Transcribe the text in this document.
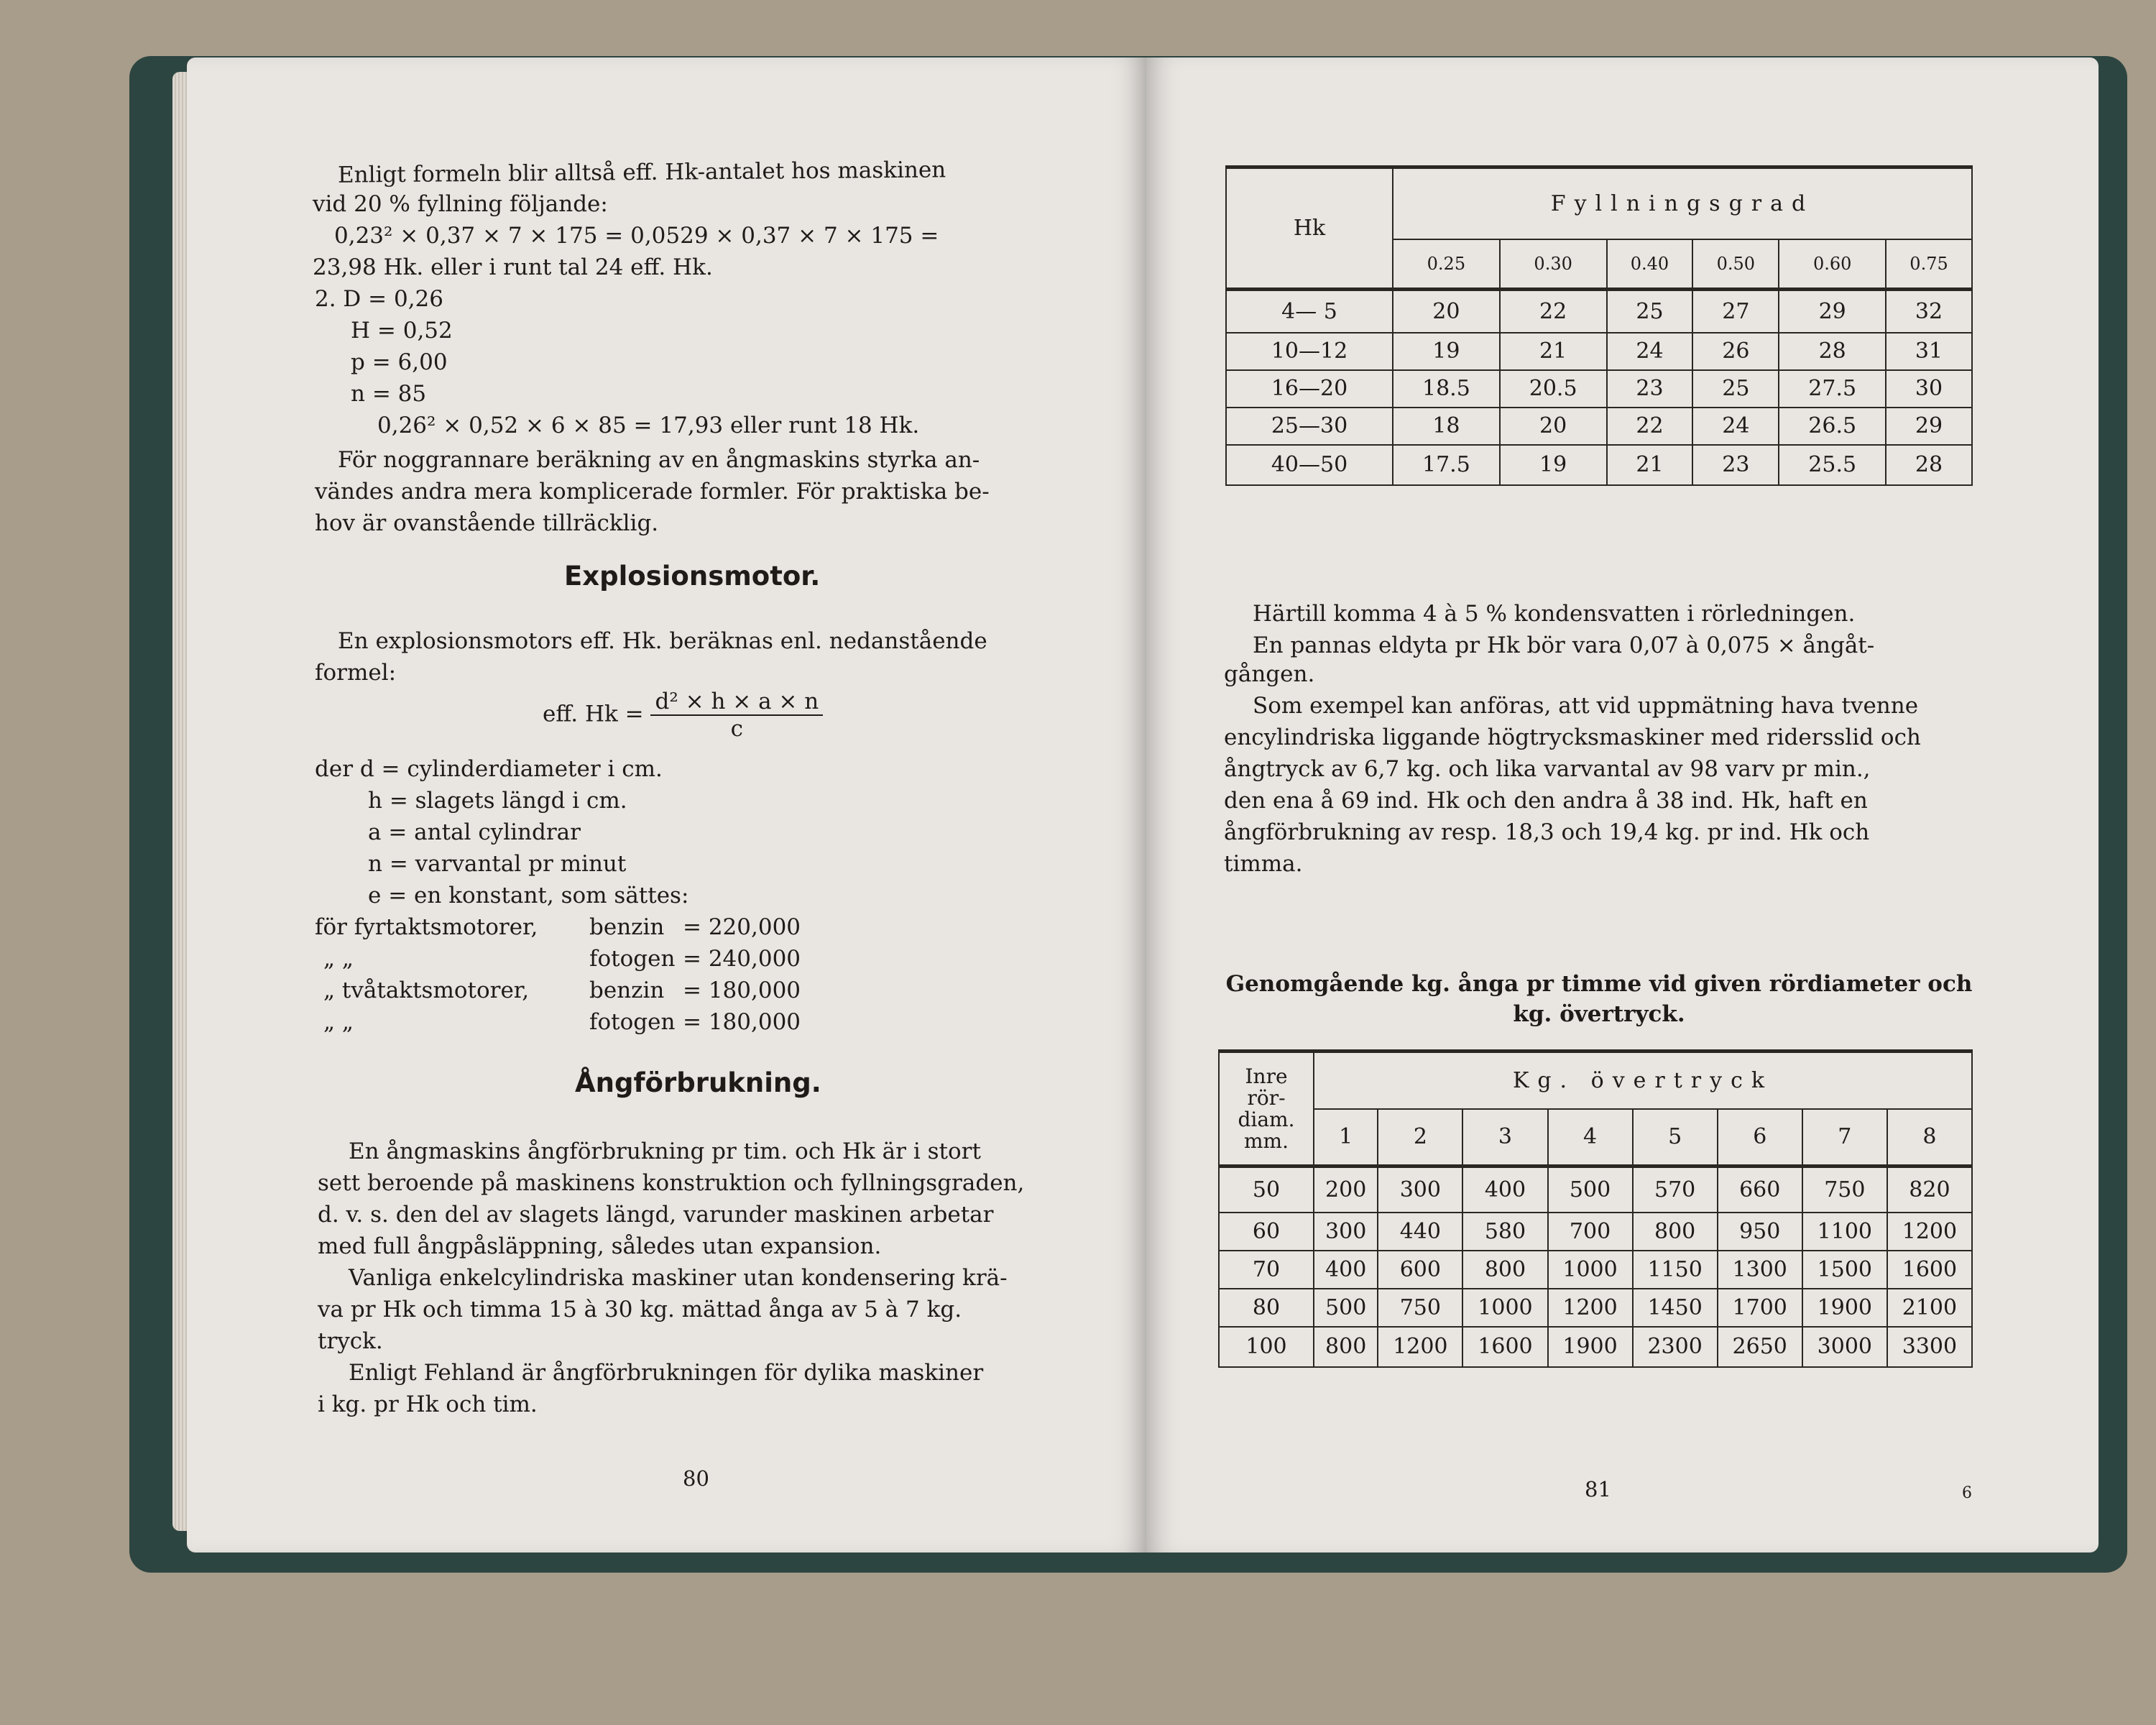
Enligt formeln blir alltså eff. Hk-antalet hos maskinen
vid 20 % fyllning följande:
0,23² × 0,37 × 7 × 175 = 0,0529 × 0,37 × 7 × 175 =
23,98 Hk. eller i runt tal 24 eff. Hk.
2. D = 0,26
H = 0,52
p = 6,00
n = 85
0,26² × 0,52 × 6 × 85 = 17,93 eller runt 18 Hk.
För noggrannare beräkning av en ångmaskins styrka an-
vändes andra mera komplicerade formler. För praktiska be-
hov är ovanstående tillräcklig.
Explosionsmotor.
En explosionsmotors eff. Hk. beräknas enl. nedanstående
formel:
eff. $Hk = \frac{\text{d² × h × a × n}}{c}$
der d = cylinderdiameter i cm.
h = slagets längd i cm.
a = antal cylindrar
n = varvantal pr minut
e = en konstant, som sättes:
för fyrtaktsmotorer, benzin = 220,000
„ „	fotogen = 240,000
„ tvåtaktsmotorer,	benzin = 180,000
„ „	fotogen = 180,000
Ångförbrukning.
En ångmaskins ångförbrukning pr tim. och Hk är i stort
sett beroende på maskinens konstruktion och fyllningsgraden,
d. v. s. den del av slagets längd, varunder maskinen arbetar
med full ångpåsläppning, således utan expansion.
Vanliga enkelcylindriska maskiner utan kondensering krä-
va pr Hk och timma 15 à 30 kg. mättad ånga av 5 à 7 kg.
tryck.
Enligt Fehland är ångförbrukningen för dylika maskiner
i kg. pr Hk och tim.
80
Hk	Fyllningsgrad					
	0.25	0.30	0.40	0.50	0.60	0.75
4— 5	20	22	25	27	29	32
10—12	19	21	24	26	28	31
16—20	18.5	20.5	23	25	27.5	30
25—30	18	20	22	24	26.5	29
40—50	17.5	19	21	23	25.5	28
Härtill komma 4 à 5 % kondensvatten i rörledningen.
En pannas eldyta pr Hk bör vara 0,07 à 0,075 × ångåt-
gången.
Som exempel kan anföras, att vid uppmätning hava tvenne
encylindriska liggande högtrycksmaskiner med ridersslid och
ångtryck av 6,7 kg. och lika varvantal av 98 varv pr min.,
den ena å 69 ind. Hk och den andra å 38 ind. Hk, haft en
ångförbrukning av resp. 18,3 och 19,4 kg. pr ind. Hk och
timma.
Genomgående kg. ånga pr timme vid given rördiameter och
kg. övertryck.
Inre
rör-
diam.
mm.	Kg. övertryck							
	1	2	3	4	5	6	7	8
50	200	300	400	500	570	660	750	820
60	300	440	580	700	800	950	1100	1200
70	400	600	800	1000	1150	1300	1500	1600
80	500	750	1000	1200	1450	1700	1900	2100
100	800	1200	1600	1900	2300	2650	3000	3300
81	6
